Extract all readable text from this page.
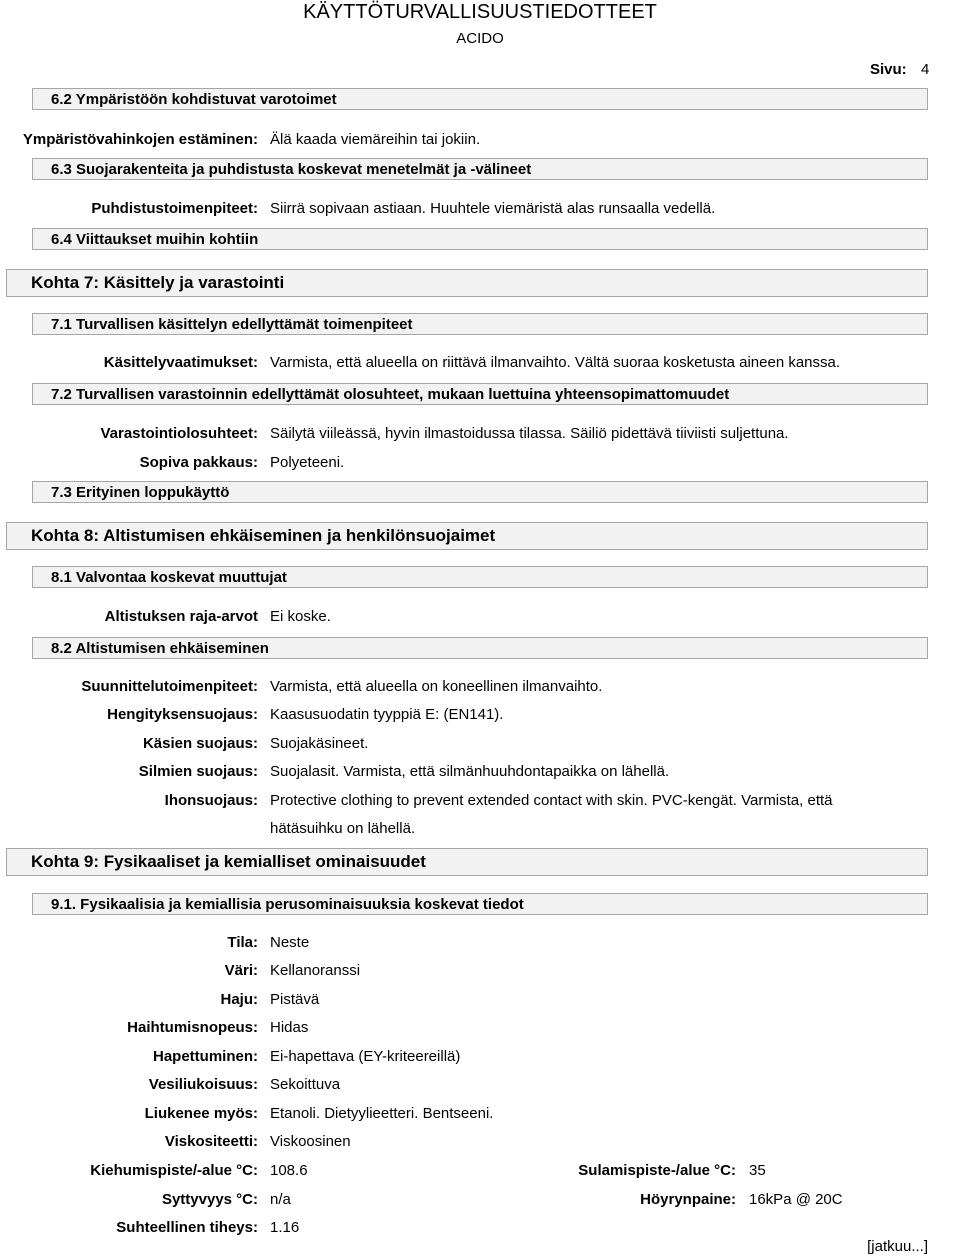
KÄYTTÖTURVALLISUUSTIEDOTTEET
ACIDO
Sivu: 4
6.2 Ympäristöön kohdistuvat varotoimet
Ympäristövahinkojen estäminen: Älä kaada viemäreihin tai jokiin.
6.3 Suojarakenteita ja puhdistusta koskevat menetelmät ja -välineet
Puhdistustoimenpiteet: Siirrä sopivaan astiaan. Huuhtele viemäristä alas runsaalla vedellä.
6.4 Viittaukset muihin kohtiin
Kohta 7: Käsittely ja varastointi
7.1 Turvallisen käsittelyn edellyttämät toimenpiteet
Käsittelyvaatimukset: Varmista, että alueella on riittävä ilmanvaihto. Vältä suoraa kosketusta aineen kanssa.
7.2 Turvallisen varastoinnin edellyttämät olosuhteet, mukaan luettuina yhteensopimattomuudet
Varastointiolosuhteet: Säilytä viileässä, hyvin ilmastoidussa tilassa. Säiliö pidettävä tiiviisti suljettuna.
Sopiva pakkaus: Polyeteeni.
7.3 Erityinen loppukäyttö
Kohta 8: Altistumisen ehkäiseminen ja henkilönsuojaimet
8.1 Valvontaa koskevat muuttujat
Altistuksen raja-arvot Ei koske.
8.2 Altistumisen ehkäiseminen
Suunnittelutoimenpiteet: Varmista, että alueella on koneellinen ilmanvaihto.
Hengityksensuojaus: Kaasusuodatin tyyppiä E: (EN141).
Käsien suojaus: Suojakäsineet.
Silmien suojaus: Suojalasit. Varmista, että silmänhuuhdontapaikka on lähellä.
Ihonsuojaus: Protective clothing to prevent extended contact with skin. PVC-kengät. Varmista, että
hätäsuihku on lähellä.
Kohta 9: Fysikaaliset ja kemialliset ominaisuudet
9.1. Fysikaalisia ja kemiallisia perusominaisuuksia koskevat tiedot
Tila: Neste
Väri: Kellanoranssi
Haju: Pistävä
Haihtumisnopeus: Hidas
Hapettuminen: Ei-hapettava (EY-kriteereillä)
Vesiliukoisuus: Sekoittuva
Liukenee myös: Etanoli. Dietyylieetteri. Bentseeni.
Viskositeetti: Viskoosinen
Kiehumispiste/-alue °C: 108.6	Sulamispiste-/alue °C: 35
Syttyvyys °C: n/a	Höyrynpaine: 16kPa @ 20C
Suhteellinen tiheys: 1.16
[jatkuu...]
